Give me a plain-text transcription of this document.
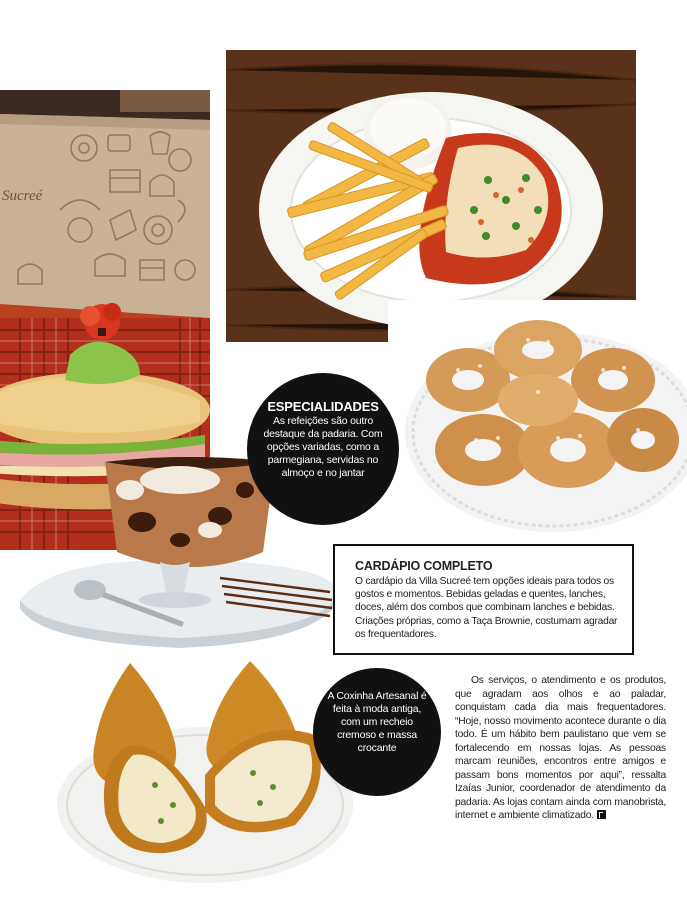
Sucreé
ESPECIALIDADES
As refeições são outro destaque da padaria. Com opções variadas, como a parmegiana, servidas no almoço e no jantar
CARDÁPIO COMPLETO
O cardápio da Villa Sucreé tem opções ideais para todos os gostos e momentos. Bebidas geladas e quentes, lanches, doces, além dos combos que combinam lanches e bebidas. Criações próprias, como a Taça Brownie, costumam agradar os frequentadores.
A Coxinha Artesanal é feita à moda antiga, com um recheio cremoso e massa crocante
Os serviços, o atendimento e os produtos, que agradam aos olhos e ao paladar, conquistam cada dia mais frequentadores. “Hoje, nosso movimento acontece durante o dia todo. É um hábito bem paulistano que vem se fortalecendo em nossas lojas. As pessoas marcam reuniões, encontros entre amigos e passam bons momentos por aqui”, ressalta Izaías Junior, coordenador de atendimento da padaria. As lojas contam ainda com manobrista, internet e ambiente climatizado.
